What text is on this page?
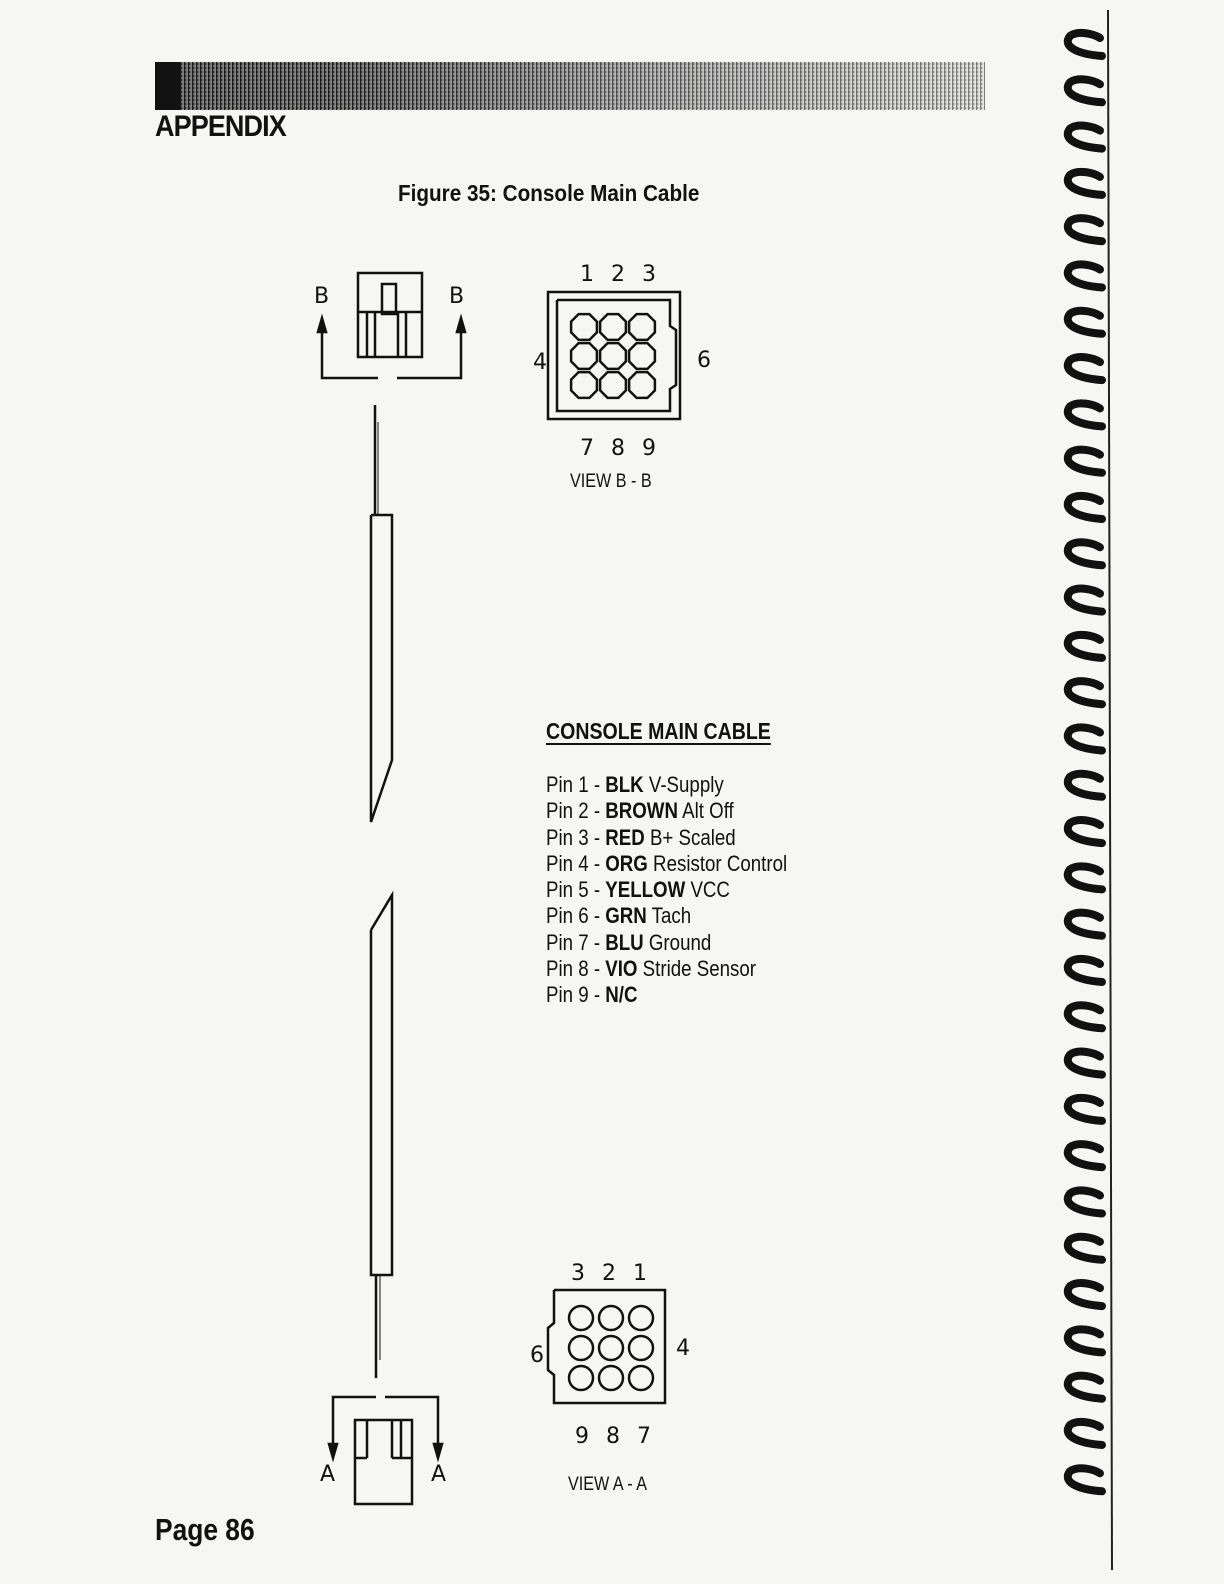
APPENDIX
Figure 35: Console Main Cable
B	B
1 2 3
4	6
7 8 9
VIEW B - B
A	A
3 2 1
6	4
9 8 7
VIEW A - A
CONSOLE MAIN CABLE
Pin 1 - BLK V-Supply
Pin 2 - BROWN Alt Off
Pin 3 - RED B+ Scaled
Pin 4 - ORG Resistor Control
Pin 5 - YELLOW VCC
Pin 6 - GRN Tach
Pin 7 - BLU Ground
Pin 8 - VIO Stride Sensor
Pin 9 - N/C
Page 86
